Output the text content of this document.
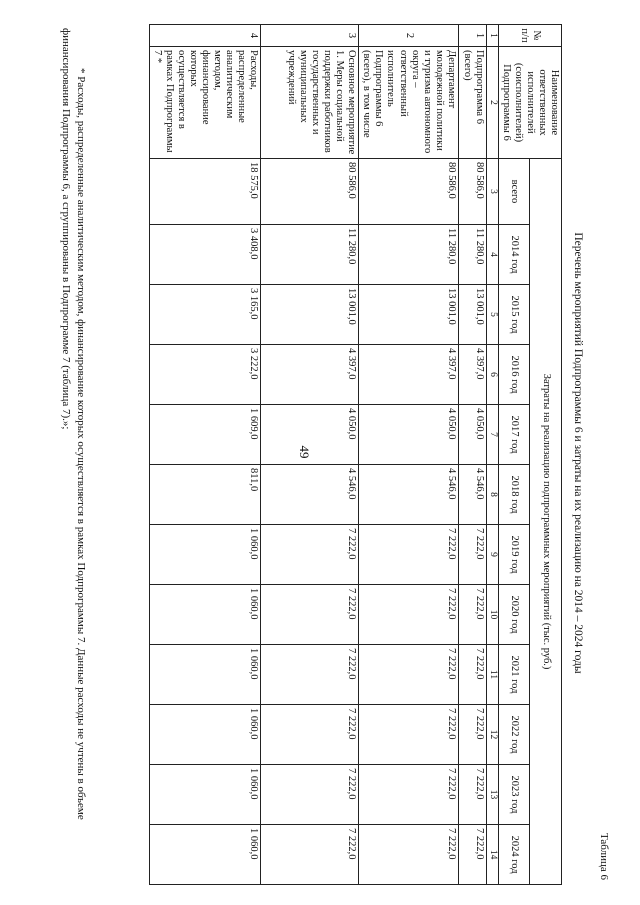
49
Таблица 6
Перечень мероприятий Подпрограммы 6 и затраты на их реализацию на 2014 – 2024 годы
№ п/п	Наименование ответственных исполнителей (соисполнителей) Подпрограммы 6	Затраты на реализацию подпрограммных мероприятий (тыс. руб.)											
		всего	2014 год	2015 год	2016 год	2017 год	2018 год	2019 год	2020 год	2021 год	2022 год	2023 год	2024 год
1	2	3	4	5	6	7	8	9	10	11	12	13	14
1	Подпрограмма 6 (всего)	80 586,0	11 280,0	13 001,0	4 397,0	4 050,0	4 546,0	7 222,0	7 222,0	7 222,0	7 222,0	7 222,0	7 222,0
2	Департамент молодежной политики и туризма автономного округа – ответственный исполнитель Подпрограммы 6 (всего), в том числе	80 586,0	11 280,0	13 001,0	4 397,0	4 050,0	4 546,0	7 222,0	7 222,0	7 222,0	7 222,0	7 222,0	7 222,0
3	Основное мероприятие 1. Меры социальной поддержки работников государственных и муниципальных учреждений	80 586,0	11 280,0	13 001,0	4 397,0	4 050,0	4 546,0	7 222,0	7 222,0	7 222,0	7 222,0	7 222,0	7 222,0
4	Расходы, распределенные аналитическим методом, финансирование которых осуществляется в рамках Подпрограммы 7 *	18 575,0	3 408,0	3 165,0	3 222,0	1 609,0	811,0	1 060,0	1 060,0	1 060,0	1 060,0	1 060,0	1 060,0
* Расходы, распределенные аналитическим методом, финансирование которых осуществляется в рамках Подпрограммы 7. Данные расходы не учтены в объеме финансирования Подпрограммы 6, а сгруппированы в Подпрограмме 7 (таблица 7).»;
